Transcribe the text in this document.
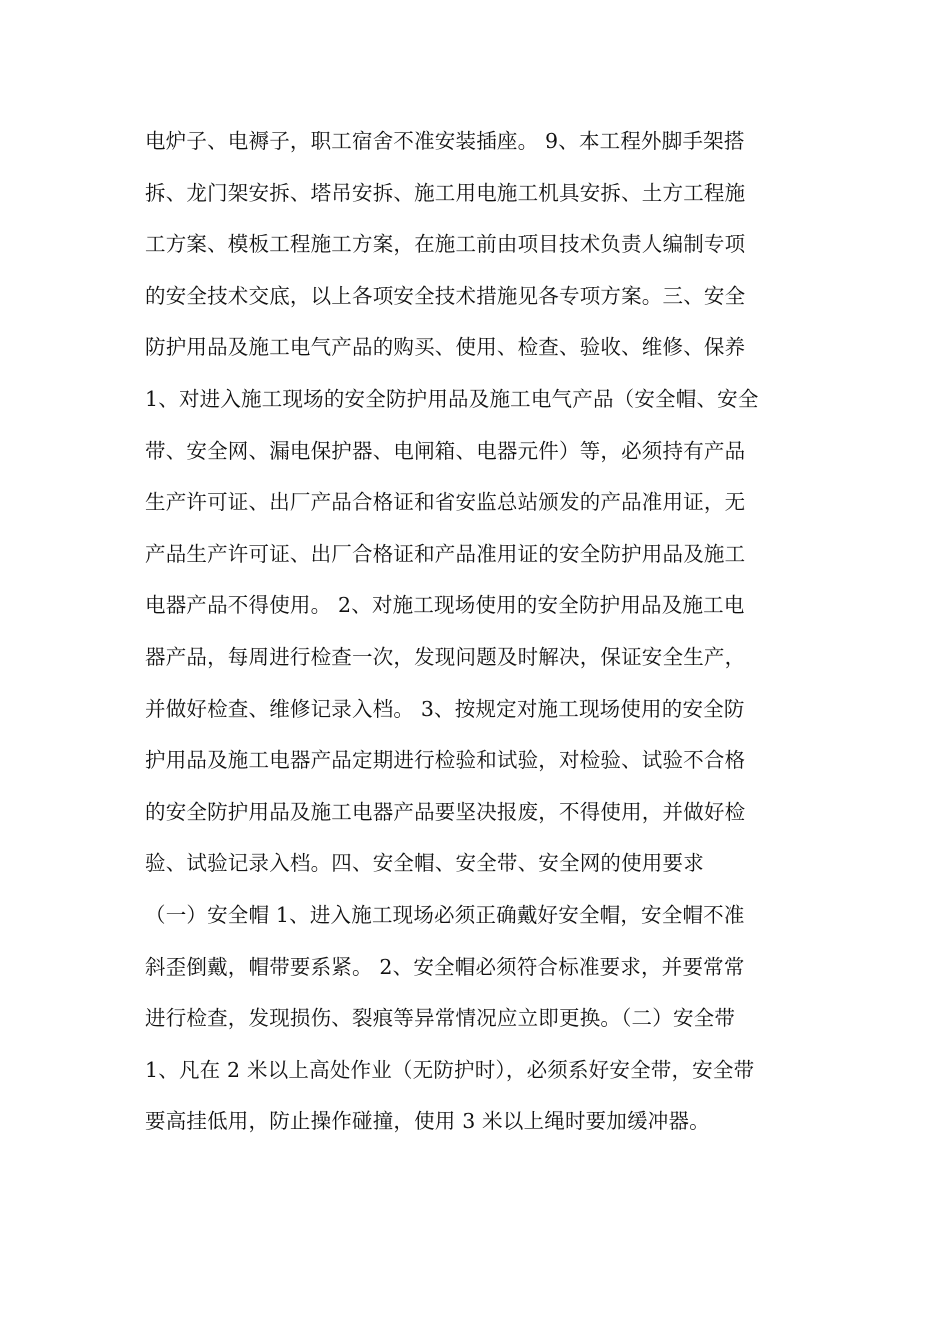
电炉子、电褥子，职工宿舍不准安装插座。 9、本工程外脚手架搭
拆、龙门架安拆、塔吊安拆、施工用电施工机具安拆、土方工程施
工方案、模板工程施工方案，在施工前由项目技术负责人编制专项
的安全技术交底，以上各项安全技术措施见各专项方案。三、安全
防护用品及施工电气产品的购买、使用、检查、验收、维修、保养
1、对进入施工现场的安全防护用品及施工电气产品（安全帽、安全
带、安全网、漏电保护器、电闸箱、电器元件）等，必须持有产品
生产许可证、出厂产品合格证和省安监总站颁发的产品准用证，无
产品生产许可证、出厂合格证和产品准用证的安全防护用品及施工
电器产品不得使用。 2、对施工现场使用的安全防护用品及施工电
器产品，每周进行检查一次，发现问题及时解决，保证安全生产，
并做好检查、维修记录入档。 3、按规定对施工现场使用的安全防
护用品及施工电器产品定期进行检验和试验，对检验、试验不合格
的安全防护用品及施工电器产品要坚决报废，不得使用，并做好检
验、试验记录入档。四、安全帽、安全带、安全网的使用要求
（一）安全帽 1、进入施工现场必须正确戴好安全帽，安全帽不准
斜歪倒戴，帽带要系紧。 2、安全帽必须符合标准要求，并要常常
进行检查，发现损伤、裂痕等异常情况应立即更换。（二）安全带
1、凡在 2 米以上高处作业（无防护时），必须系好安全带，安全带
要高挂低用，防止操作碰撞，使用 3 米以上绳时要加缓冲器。
